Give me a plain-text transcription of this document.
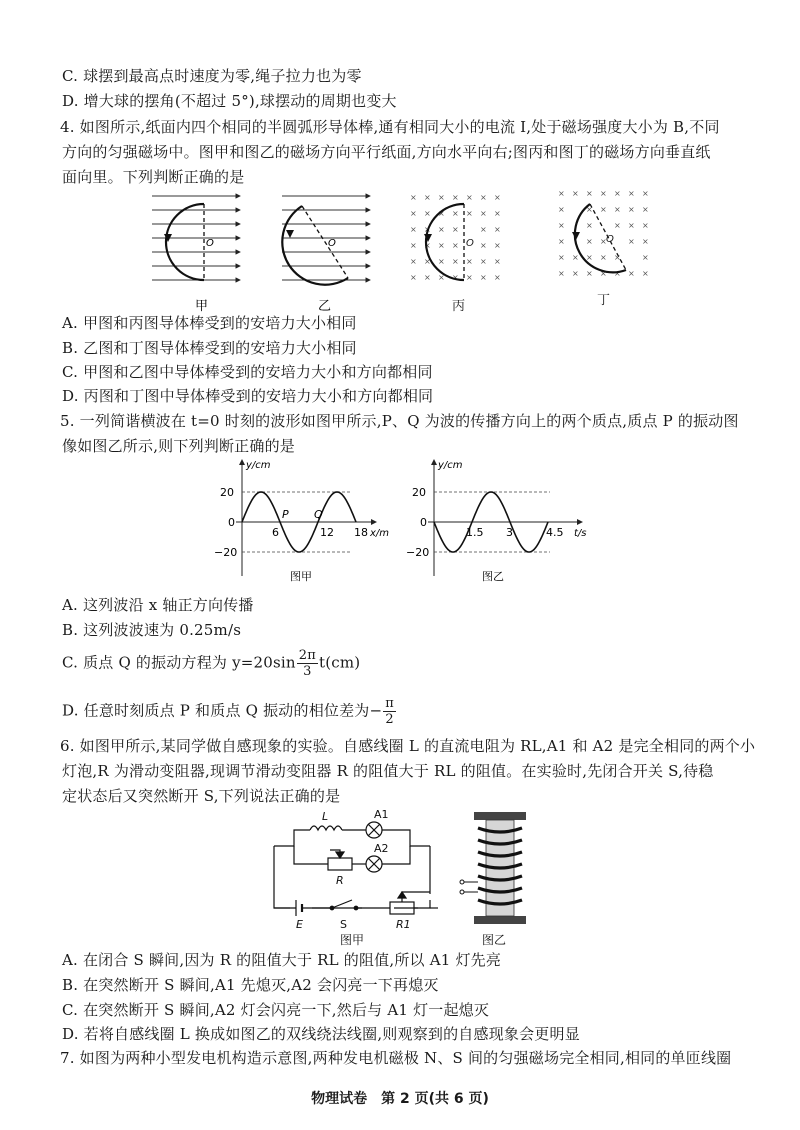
C. 球摆到最高点时速度为零,绳子拉力也为零
D. 增大球的摆角(不超过 5°),球摆动的周期也变大
4. 如图所示,纸面内四个相同的半圆弧形导体棒,通有相同大小的电流 I,处于磁场强度大小为 B,不同
方向的匀强磁场中。图甲和图乙的磁场方向平行纸面,方向水平向右;图丙和图丁的磁场方向垂直纸
面向里。下列判断正确的是
O
甲
O
乙
× × × × × × ×
× × × × × × ×
× × × ×	× ×
× × × ×	× ×
× × × × × × ×
× × × × × × ×
O
丙
× × × × × × ×
×	× × × × ×
×	×	× × ×
×	× ×	× ×
× × × × ×	×
× × × × × × ×
O
丁
A. 甲图和丙图导体棒受到的安培力大小相同
B. 乙图和丁图导体棒受到的安培力大小相同
C. 甲图和乙图中导体棒受到的安培力大小和方向都相同
D. 丙图和丁图中导体棒受到的安培力大小和方向都相同
5. 一列简谐横波在 t=0 时刻的波形如图甲所示,P、Q 为波的传播方向上的两个质点,质点 P 的振动图
像如图乙所示,则下列判断正确的是
y/cm
x/m
20
0
−20
6	12 18
P Q
图甲
y/cm
t/s
20
0
−20
1.5 3	4.5
图乙
A. 这列波沿 x 轴正方向传播
B. 这列波波速为 0.25m/s
C. 质点 Q 的振动方程为 $y=20\sin \frac{2\pi}{3} t(cm)$
D. 任意时刻质点 P 和质点 Q 振动的相位差为− $\frac{\pi}{2}$
6. 如图甲所示,某同学做自感现象的实验。自感线圈 L 的直流电阻为 RL,A1 和 A2 是完全相同的两个小
灯泡,R 为滑动变阻器,现调节滑动变阻器 R 的阻值大于 RL 的阻值。在实验时,先闭合开关 S,待稳
定状态后又突然断开 S,下列说法正确的是
L	A1
A2
R
E	S	R1
图甲	图乙
A. 在闭合 S 瞬间,因为 R 的阻值大于 RL 的阻值,所以 A1 灯先亮
B. 在突然断开 S 瞬间,A1 先熄灭,A2 会闪亮一下再熄灭
C. 在突然断开 S 瞬间,A2 灯会闪亮一下,然后与 A1 灯一起熄灭
D. 若将自感线圈 L 换成如图乙的双线绕法线圈,则观察到的自感现象会更明显
7. 如图为两种小型发电机构造示意图,两种发电机磁极 N、S 间的匀强磁场完全相同,相同的单匝线圈
物理试卷　第 2 页(共 6 页)
